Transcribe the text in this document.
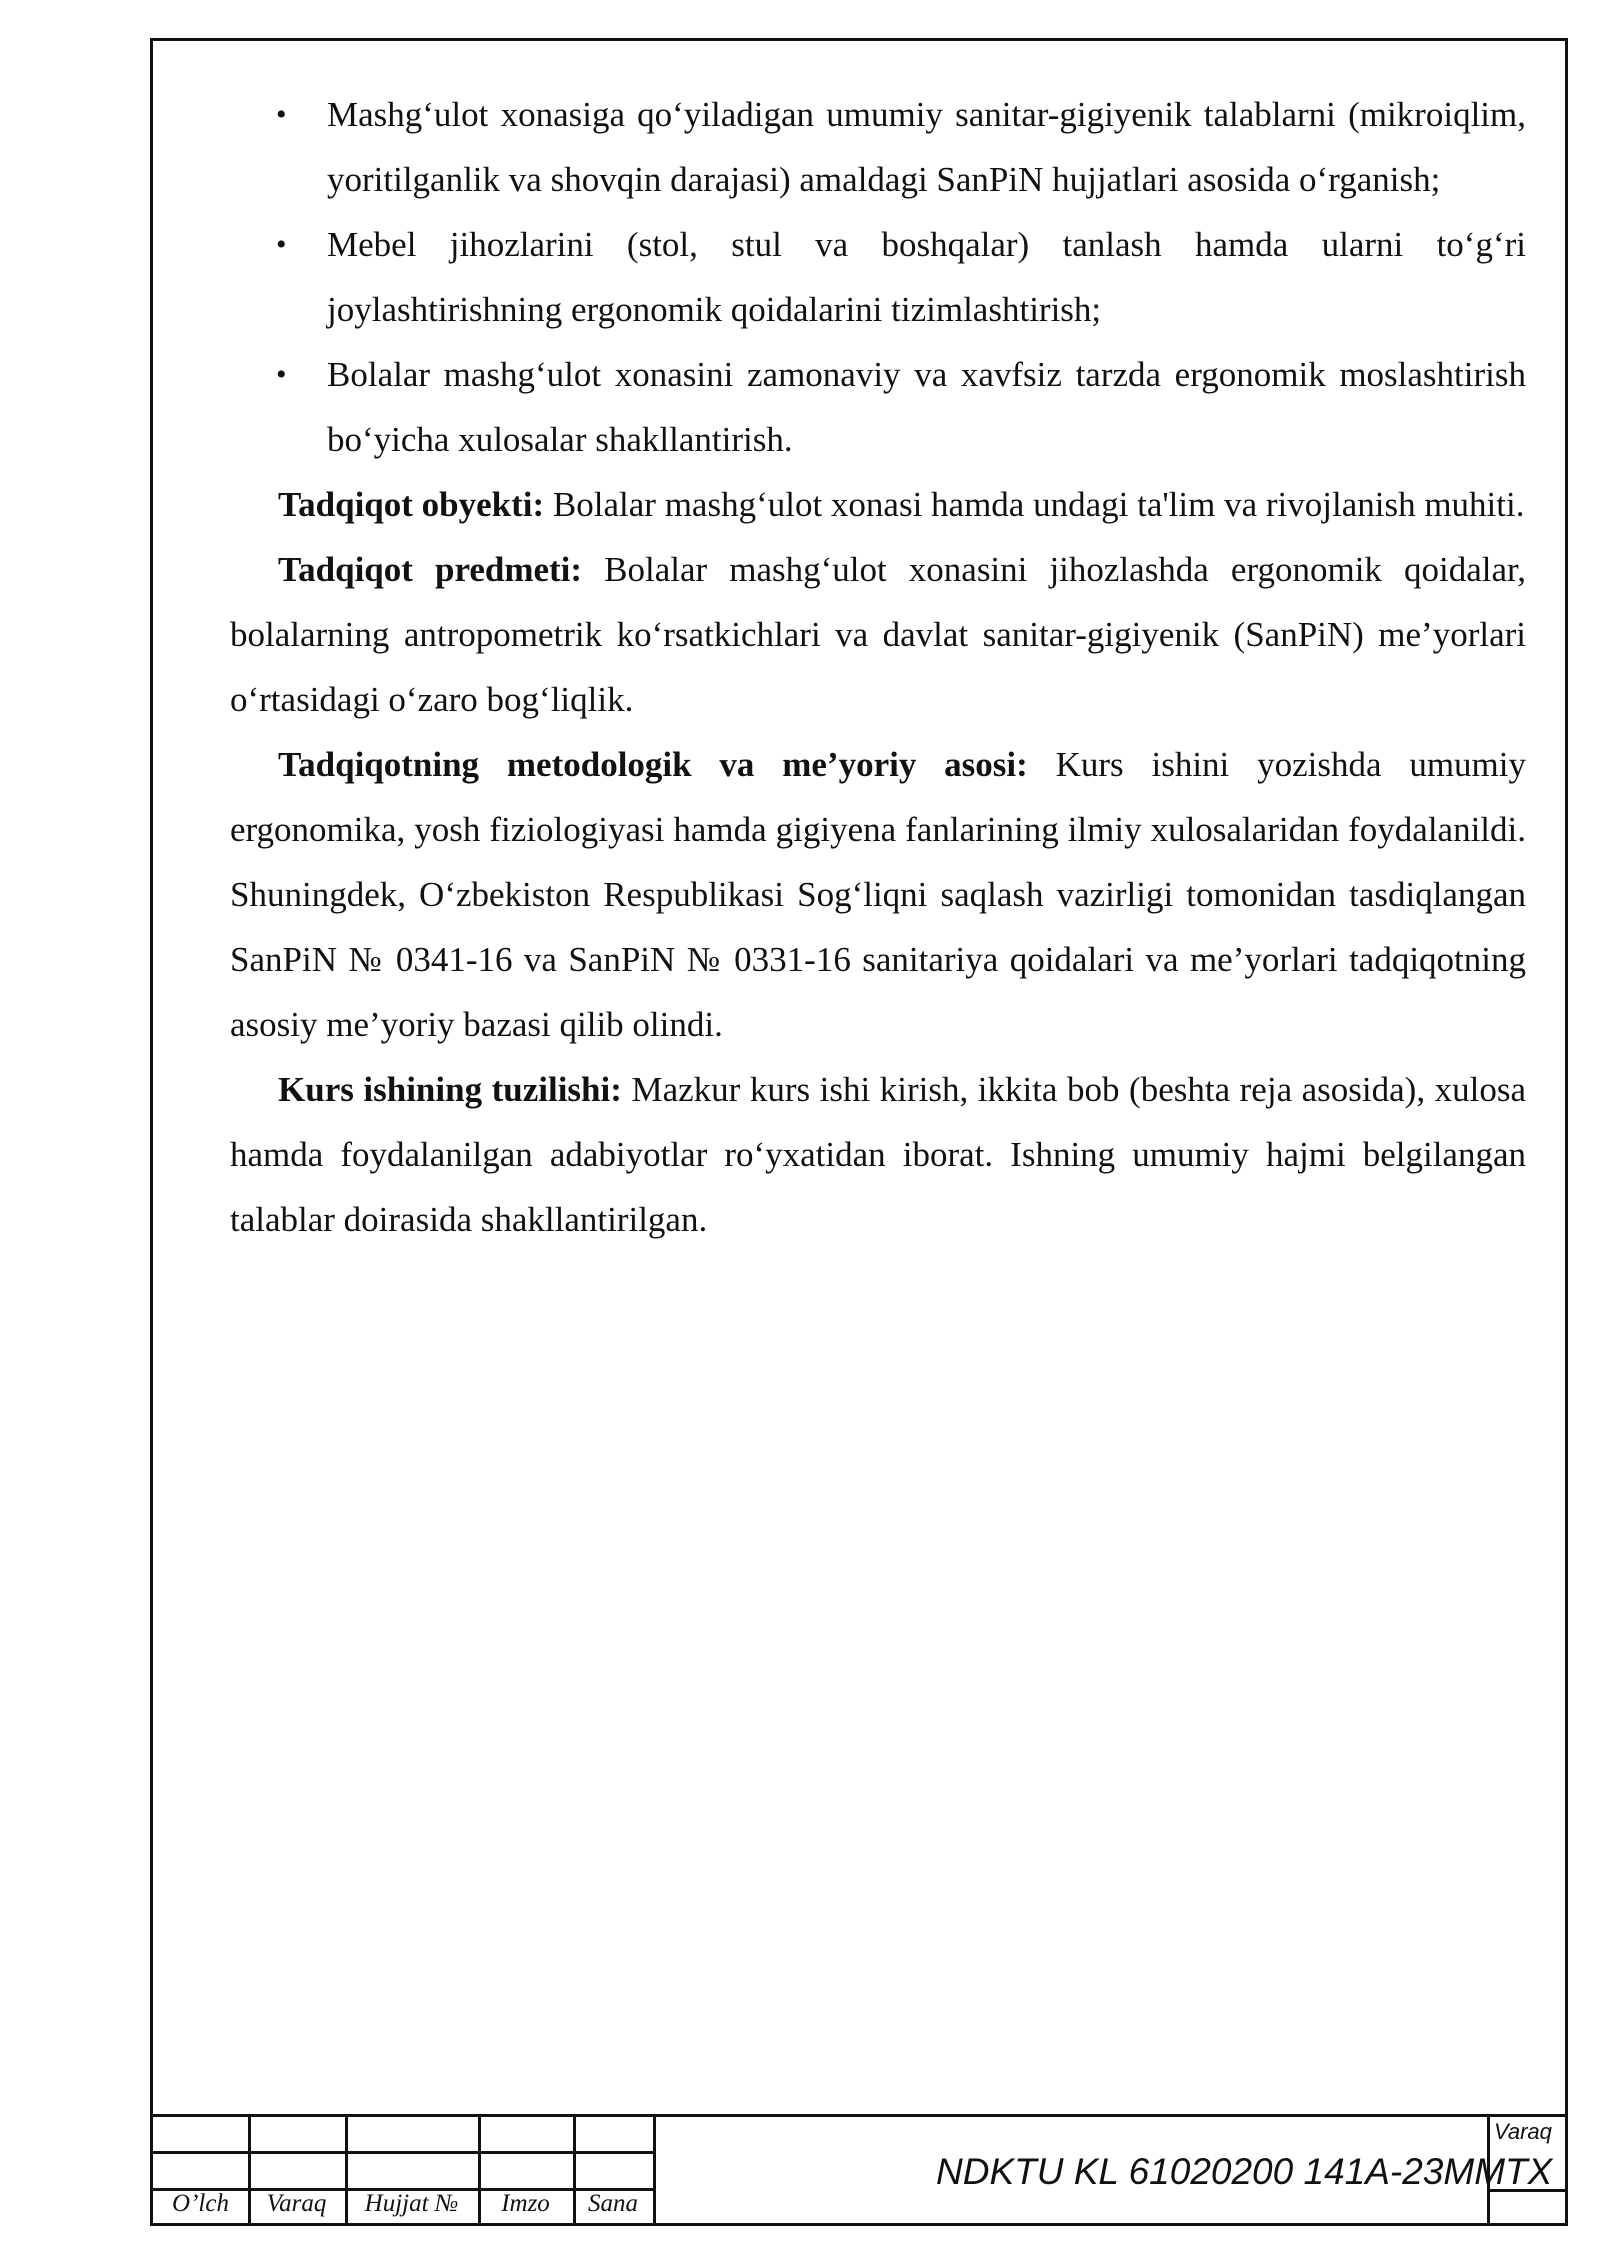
• Mashg‘ulot xonasiga qo‘yiladigan umumiy sanitar-gigiyenik talablarni (mikroiqlim, yoritilganlik va shovqin darajasi) amaldagi SanPiN hujjatlari asosida o‘rganish;
• Mebel jihozlarini (stol, stul va boshqalar) tanlash hamda ularni to‘g‘ri joylashtirishning ergonomik qoidalarini tizimlashtirish;
• Bolalar mashg‘ulot xonasini zamonaviy va xavfsiz tarzda ergonomik moslashtirish bo‘yicha xulosalar shakllantirish.

Tadqiqot obyekti: Bolalar mashg‘ulot xonasi hamda undagi ta'lim va rivojlanish muhiti.

Tadqiqot predmeti: Bolalar mashg‘ulot xonasini jihozlashda ergonomik qoidalar, bolalarning antropometrik ko‘rsatkichlari va davlat sanitar-gigiyenik (SanPiN) me’yorlari o‘rtasidagi o‘zaro bog‘liqlik.

Tadqiqotning metodologik va me’yoriy asosi: Kurs ishini yozishda umumiy ergonomika, yosh fiziologiyasi hamda gigiyena fanlarining ilmiy xulosalaridan foydalanildi. Shuningdek, O‘zbekiston Respublikasi Sog‘liqni saqlash vazirligi tomonidan tasdiqlangan SanPiN № 0341-16 va SanPiN № 0331-16 sanitariya qoidalari va me’yorlari tadqiqotning asosiy me’yoriy bazasi qilib olindi.

Kurs ishining tuzilishi: Mazkur kurs ishi kirish, ikkita bob (beshta reja asosida), xulosa hamda foydalanilgan adabiyotlar ro‘yxatidan iborat. Ishning umumiy hajmi belgilangan talablar doirasida shakllantirilgan.

O’lch	Varaq	Hujjat №	Imzo	Sana
NDKTU KL 61020200 141A-23MMTX
Varaq
